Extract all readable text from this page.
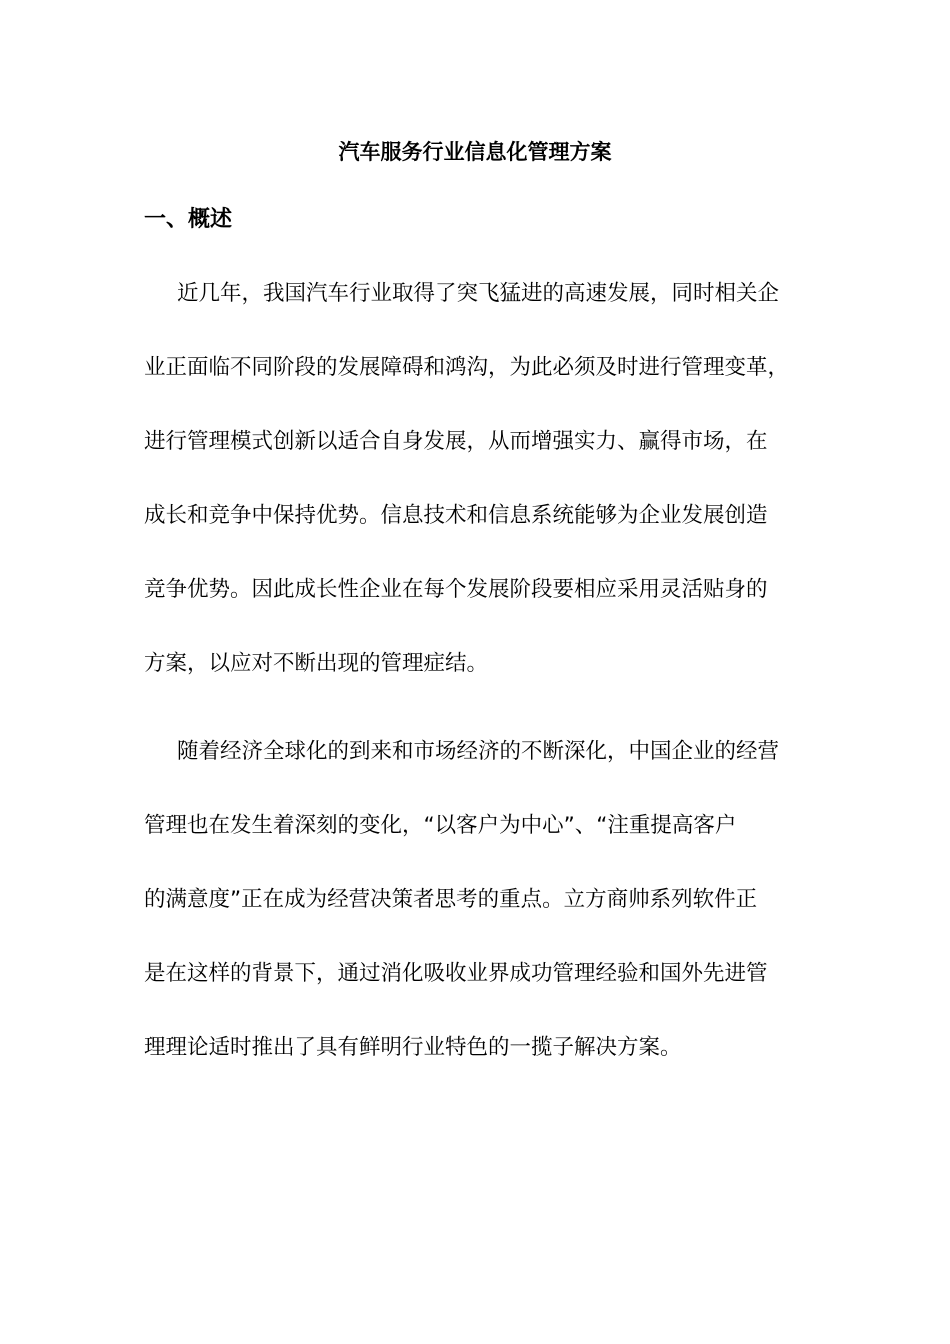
汽车服务行业信息化管理方案
一、概述
近几年，我国汽车行业取得了突飞猛进的高速发展，同时相关企
业正面临不同阶段的发展障碍和鸿沟，为此必须及时进行管理变革，
进行管理模式创新以适合自身发展，从而增强实力、赢得市场，在
成长和竞争中保持优势。信息技术和信息系统能够为企业发展创造
竞争优势。因此成长性企业在每个发展阶段要相应采用灵活贴身的
方案，以应对不断出现的管理症结。
随着经济全球化的到来和市场经济的不断深化，中国企业的经营
管理也在发生着深刻的变化，“以客户为中心”、“注重提高客户
的满意度”正在成为经营决策者思考的重点。立方商帅系列软件正
是在这样的背景下，通过消化吸收业界成功管理经验和国外先进管
理理论适时推出了具有鲜明行业特色的一揽子解决方案。
